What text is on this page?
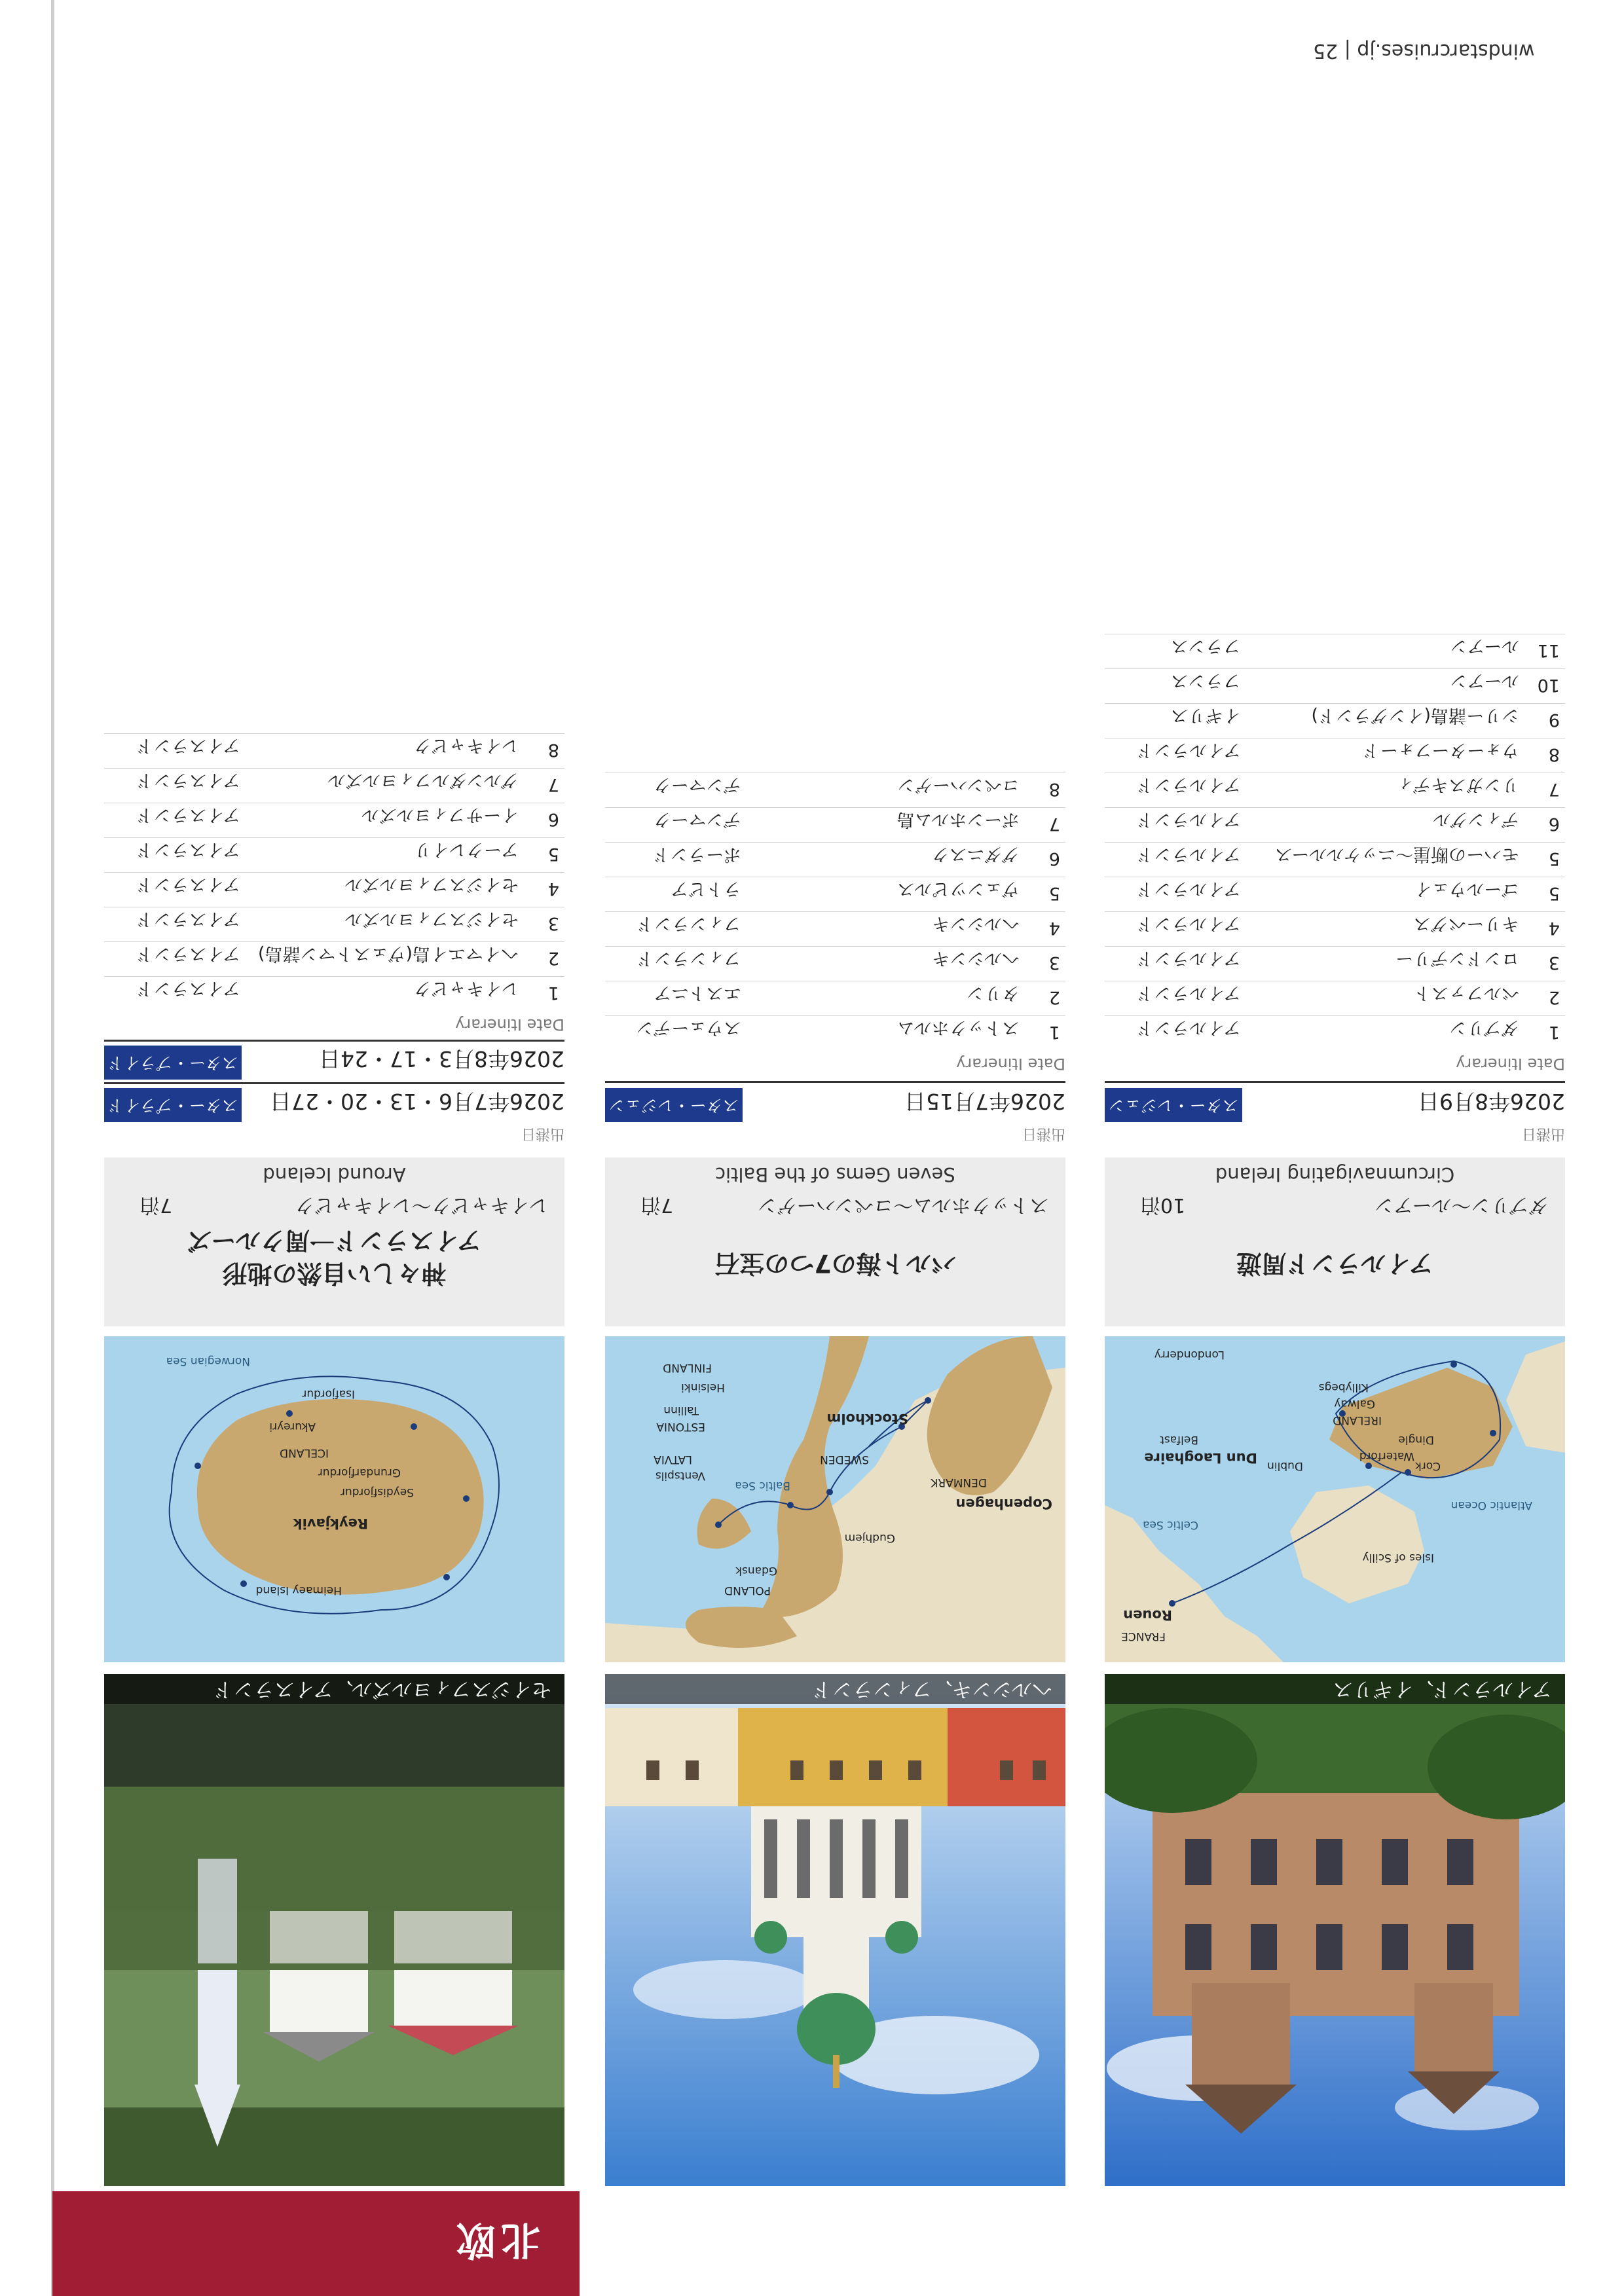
北欧
アイルランド、イギリス
Londonderry
Belfast
Dun Laoghaire
IRELAND
Galway
Killybegs
Dingle
Waterford
Cork
Dublin
Atlantic Ocean
Isles of Scilly
Celtic Sea
Rouen
FRANCE
アイルランド周遊
ダブリン〜ルーアン
10泊
Circumnavigating Ireland
出港日
2026年8月9日
スター・レジェンド	Date Itinerary
1
ダブリン
アイルランド
2
ベルファスト
アイルランド
3
ロンドンデリー
アイルランド
4
キリーベグス
アイルランド
5
ゴールウェイ
アイルランド
5
モハーの断崖〜ニッケルルース
アイルランド
6
ディングル
アイルランド
7
リンガスキディ
アイルランド
8
ウォーターフォード
アイルランド
9
シリー諸島(イングランド)
イギリス
10
ルーアン
フランス
11
ルーアン
フランス
ヘルシンキ、フィンランド
FINLAND
Helsinki
Stockholm
Tallinn
ESTONIA
LATVIA
Ventspils
SWEDEN
Baltic Sea
Copenhagen
DENMARK
Gudhjem
Gdansk
POLAND
バルト海の7つの宝石
ストックホルム〜コペンハーゲン
7泊
Seven Gems of the Baltic
出港日
2026年7月15日
スター・レジェンド	Date Itinerary
1
ストックホルム
スウェーデン
2
タリン
エストニア
3
ヘルシンキ
フィンランド
4
ヘルシンキ
フィンランド
5
ヴェンツピルス
ラトビア
6
グダニスク
ポーランド
7
ボーンホルム島
デンマーク
8
コペンハーゲン
デンマーク
セイジスフィヨルズル、アイスランド
Norwegian Sea
Isafjordur
Akureyri
ICELAND
Grundarfjordur
Seydisfjordur
Reykjavik
Heimaey Island
神々しい自然の地形
アイスランド一周クルーズ
レイキャビク〜レイキャビク
7泊
Around Iceland
出港日
2026年7月6・13・20・27日
スター・プライド
2026年8月3・17・24日
スター・プライド
Date Itinerary
1
レイキャビク
アイスランド
2
ヘイマエイ島(ヴェストマン諸島)
アイスランド
3
セイジスフィヨルズル
アイスランド
4
セイジスフィヨルズル
アイスランド
5
アークレイリ
アイスランド
6
イーサフィヨルズル
アイスランド
7
グルンダルフィヨルズル
アイスランド
8
レイキャビク
アイスランド
windstarcruises.jp | 25
